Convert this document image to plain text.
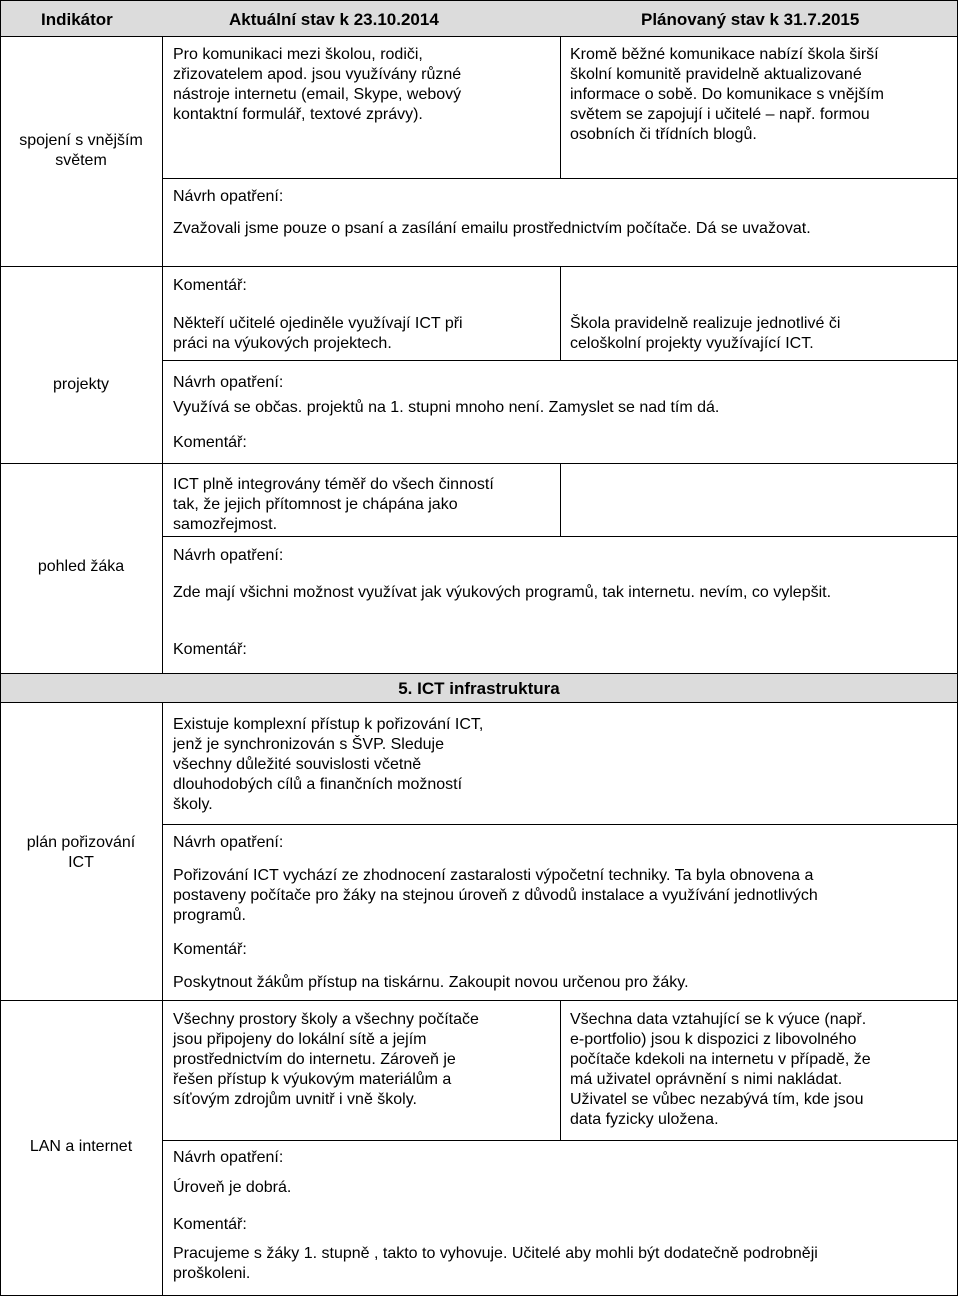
Indikátor	Aktuální stav k 23.10.2014	Plánovaný stav k 31.7.2015
5. ICT infrastruktura
spojení s vnějším
světem
Pro komunikaci mezi školou, rodiči,
zřizovatelem apod. jsou využívány různé
nástroje internetu (email, Skype, webový
kontaktní formulář, textové zprávy).
Kromě běžné komunikace nabízí škola širší
školní komunitě pravidelně aktualizované
informace o sobě. Do komunikace s vnějším
světem se zapojují i učitelé – např. formou
osobních či třídních blogů.
Návrh opatření:
Zvažovali jsme pouze o psaní a zasílání emailu prostřednictvím počítače. Dá se uvažovat.
Komentář:
projekty
Někteří učitelé ojediněle využívají ICT při
práci na výukových projektech.
Škola pravidelně realizuje jednotlivé či
celoškolní projekty využívající ICT.
Návrh opatření:
Využívá se občas. projektů na 1. stupni mnoho není. Zamyslet se nad tím dá.
Komentář:
pohled žáka
ICT plně integrovány téměř do všech činností
tak, že jejich přítomnost je chápána jako
samozřejmost.
Návrh opatření:
Zde mají všichni možnost využívat jak výukových programů, tak internetu. nevím, co vylepšit.
Komentář:
plán pořizování
ICT
Existuje komplexní přístup k pořizování ICT,
jenž je synchronizován s ŠVP. Sleduje
všechny důležité souvislosti včetně
dlouhodobých cílů a finančních možností
školy.
Návrh opatření:
Pořizování ICT vychází ze zhodnocení zastaralosti výpočetní techniky. Ta byla obnovena a
postaveny počítače pro žáky na stejnou úroveň z důvodů instalace a využívání jednotlivých
programů.
Komentář:
Poskytnout žákům přístup na tiskárnu. Zakoupit novou určenou pro žáky.
LAN a internet
Všechny prostory školy a všechny počítače
jsou připojeny do lokální sítě a jejím
prostřednictvím do internetu. Zároveň je
řešen přístup k výukovým materiálům a
síťovým zdrojům uvnitř i vně školy.
Všechna data vztahující se k výuce (např.
e-portfolio) jsou k dispozici z libovolného
počítače kdekoli na internetu v případě, že
má uživatel oprávnění s nimi nakládat.
Uživatel se vůbec nezabývá tím, kde jsou
data fyzicky uložena.
Návrh opatření:
Úroveň je dobrá.
Komentář:
Pracujeme s žáky 1. stupně , takto to vyhovuje. Učitelé aby mohli být dodatečně podrobněji
proškoleni.
